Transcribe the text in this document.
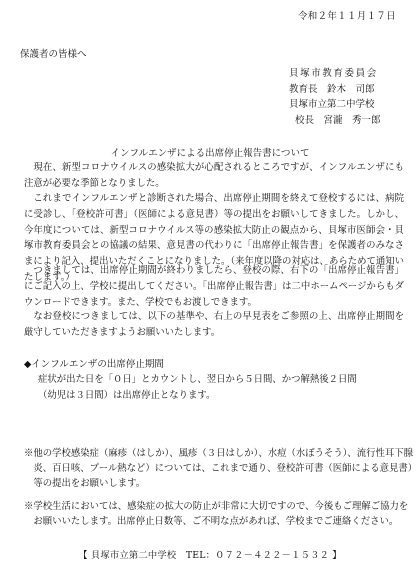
令和２年１１月１７日
保護者の皆様へ
貝塚市教育委員会
教育長　鈴木　司郎
貝塚市立第二中学校
校長　宮瀧　秀一郎
インフルエンザによる出席停止報告書について

現在、新型コロナウイルスの感染拡大が心配されるところですが、インフルエンザにも注意が必要な季節となりました。

これまでインフルエンザと診断された場合、出席停止期間を終えて登校するには、病院に受診し、「登校許可書」（医師による意見書）等の提出をお願いしてきました。しかし、今年度については、新型コロナウイルス等の感染拡大防止の観点から、貝塚市医師会・貝塚市教育委員会との協議の結果、意見書の代わりに「出席停止報告書」を保護者のみなさまにより記入、提出いただくことになりました。（来年度以降の対応は、あらためて通知いたします。）

つきましては、出席停止期間が終わりましたら、登校の際、右下の「出席停止報告書」にご記入の上、学校に提出してください。「出席停止報告書」は二中ホームページからもダウンロードできます。また、学校でもお渡しできます。

なお登校につきましては、以下の基準や、右上の早見表をご参照の上、出席停止期間を厳守していただきますようお願いいたします。

◆インフルエンザの出席停止期間
症状が出た日を「０日」とカウントし、翌日から５日間、かつ解熱後２日間
（幼児は３日間）は出席停止となります。

※他の学校感染症（麻疹（はしか）、風疹（３日はしか）、水痘（水ぼうそう）、流行性耳下腺炎、百日咳、プール熱など）については、これまで通り、登校許可書（医師による意見書）等の提出をお願いします。

※学校生活においては、感染症の拡大の防止が非常に大切ですので、今後もご理解ご協力をお願いいたします。出席停止日数等、ご不明な点があれば、学校までご連絡ください。

【 貝塚市立第二中学校　TEL：０７２－４２２－１５３２ 】
